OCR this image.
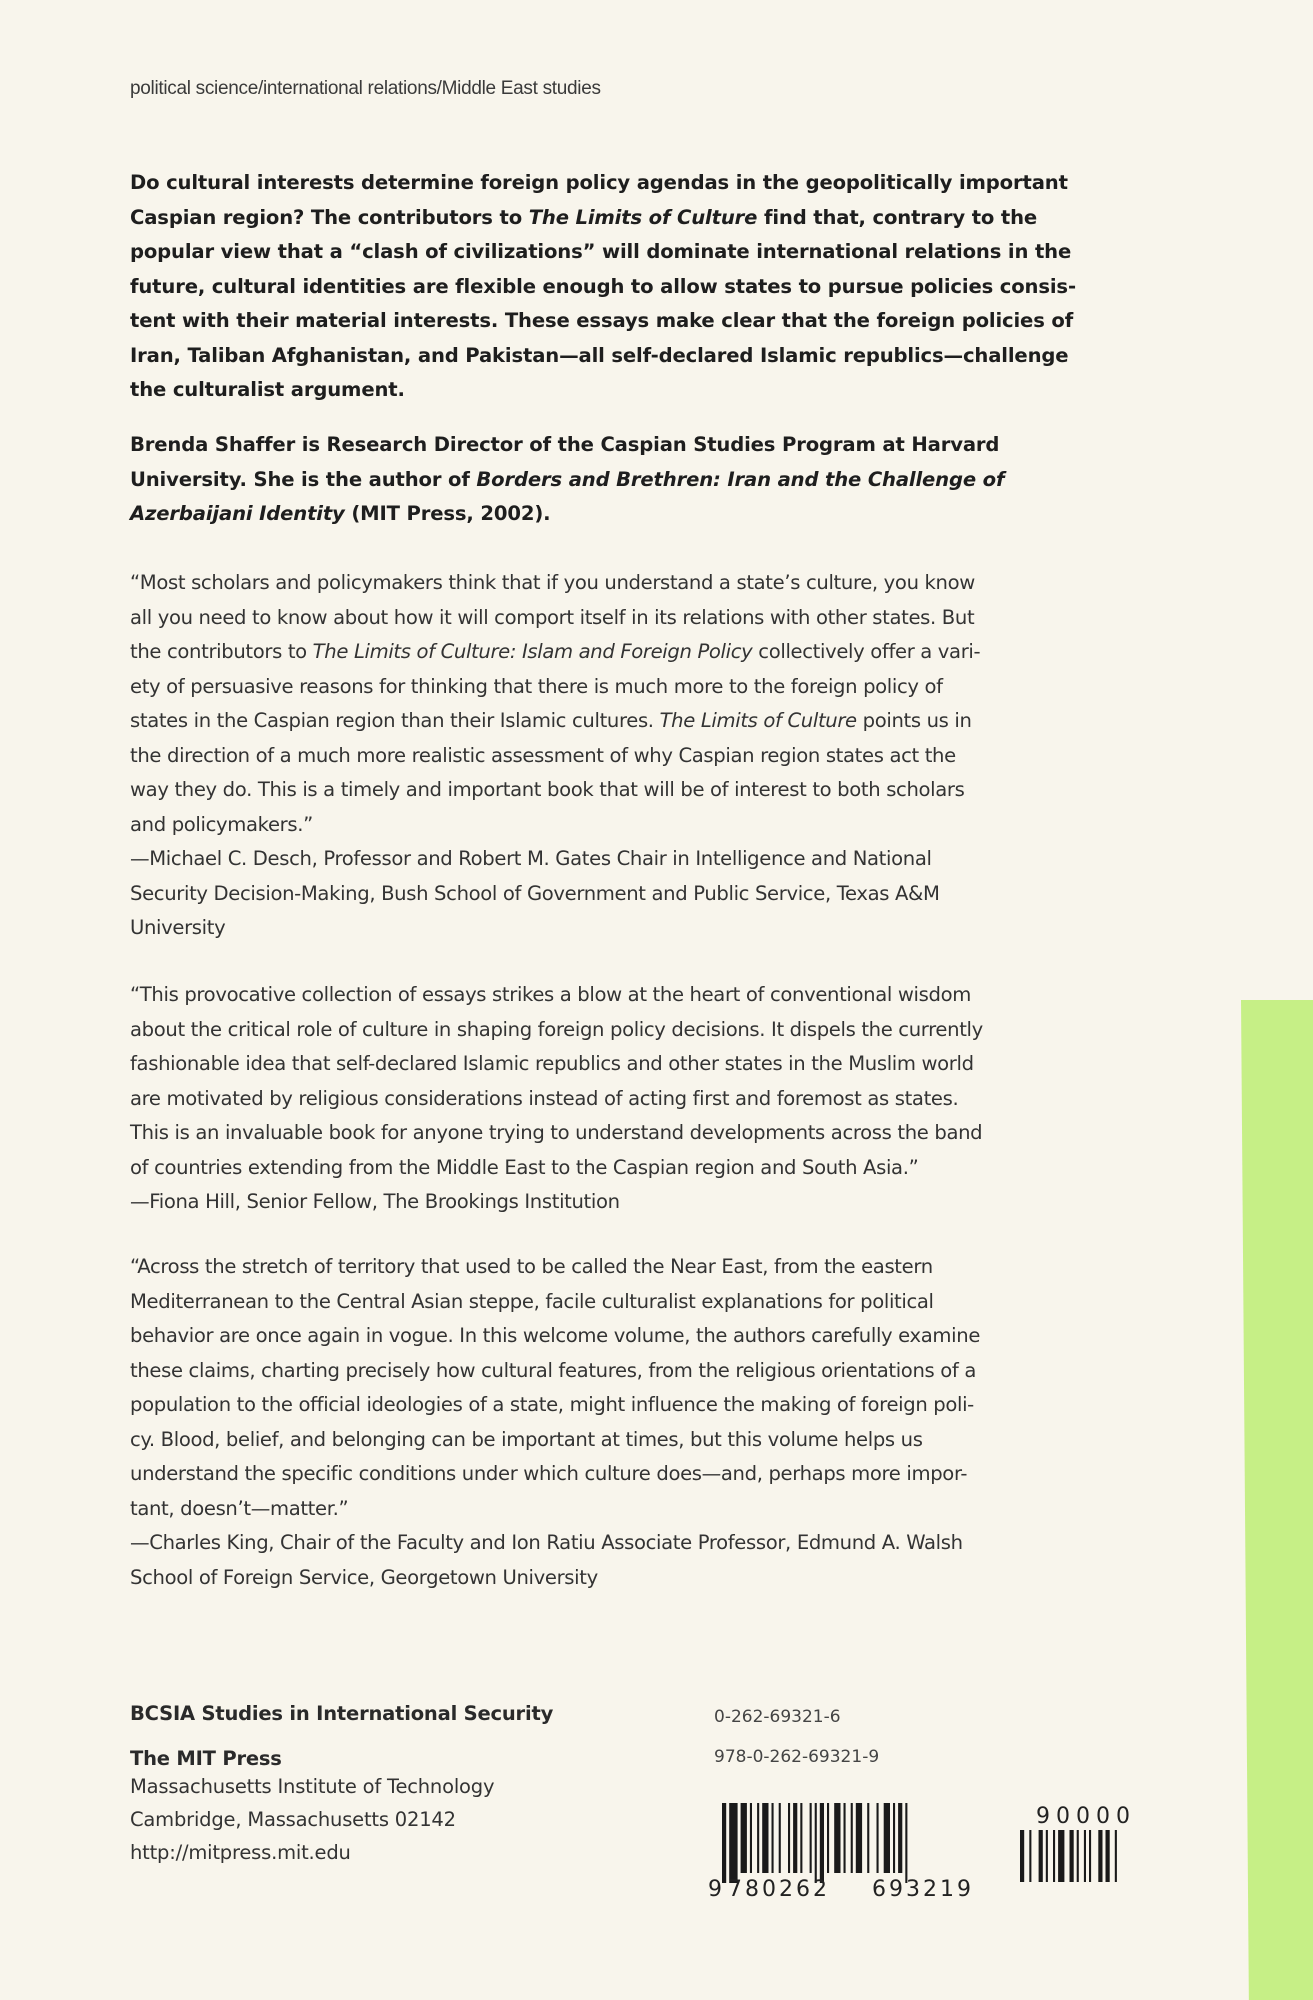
political science/international relations/Middle East studies
Do cultural interests determine foreign policy agendas in the geopolitically important
Caspian region? The contributors to The Limits of Culture find that, contrary to the
popular view that a “clash of civilizations” will dominate international relations in the
future, cultural identities are flexible enough to allow states to pursue policies consis-
tent with their material interests. These essays make clear that the foreign policies of
Iran, Taliban Afghanistan, and Pakistan—all self-declared Islamic republics—challenge
the culturalist argument.
Brenda Shaffer is Research Director of the Caspian Studies Program at Harvard
University. She is the author of Borders and Brethren: Iran and the Challenge of
Azerbaijani Identity (MIT Press, 2002).
“Most scholars and policymakers think that if you understand a state’s culture, you know
all you need to know about how it will comport itself in its relations with other states. But
the contributors to The Limits of Culture: Islam and Foreign Policy collectively offer a vari-
ety of persuasive reasons for thinking that there is much more to the foreign policy of
states in the Caspian region than their Islamic cultures. The Limits of Culture points us in
the direction of a much more realistic assessment of why Caspian region states act the
way they do. This is a timely and important book that will be of interest to both scholars
and policymakers.”
—Michael C. Desch, Professor and Robert M. Gates Chair in Intelligence and National
Security Decision-Making, Bush School of Government and Public Service, Texas A&M
University
“This provocative collection of essays strikes a blow at the heart of conventional wisdom
about the critical role of culture in shaping foreign policy decisions. It dispels the currently
fashionable idea that self-declared Islamic republics and other states in the Muslim world
are motivated by religious considerations instead of acting first and foremost as states.
This is an invaluable book for anyone trying to understand developments across the band
of countries extending from the Middle East to the Caspian region and South Asia.”
—Fiona Hill, Senior Fellow, The Brookings Institution
“Across the stretch of territory that used to be called the Near East, from the eastern
Mediterranean to the Central Asian steppe, facile culturalist explanations for political
behavior are once again in vogue. In this welcome volume, the authors carefully examine
these claims, charting precisely how cultural features, from the religious orientations of a
population to the official ideologies of a state, might influence the making of foreign poli-
cy. Blood, belief, and belonging can be important at times, but this volume helps us
understand the specific conditions under which culture does—and, perhaps more impor-
tant, doesn’t—matter.”
—Charles King, Chair of the Faculty and Ion Ratiu Associate Professor, Edmund A. Walsh
School of Foreign Service, Georgetown University
BCSIA Studies in International Security
The MIT Press
Massachusetts Institute of Technology
Cambridge, Massachusetts 02142
http://mitpress.mit.edu
0-262-69321-6
978-0-262-69321-9
9 780262 693219
90000
